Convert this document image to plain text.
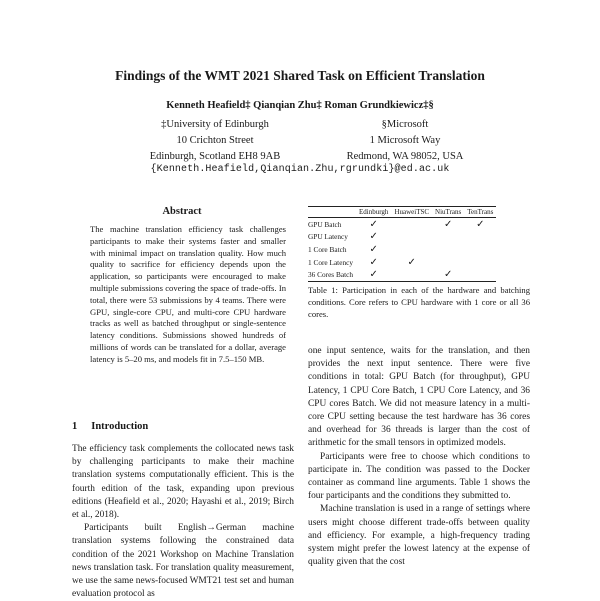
Findings of the WMT 2021 Shared Task on Efficient Translation
Kenneth Heafield‡ Qianqian Zhu‡ Roman Grundkiewicz‡§
‡University of Edinburgh
10 Crichton Street
Edinburgh, Scotland EH8 9AB
§Microsoft
1 Microsoft Way
Redmond, WA 98052, USA
{Kenneth.Heafield,Qianqian.Zhu,rgrundki}@ed.ac.uk
Abstract
The machine translation efficiency task challenges participants to make their systems faster and smaller with minimal impact on translation quality. How much quality to sacrifice for efficiency depends upon the application, so participants were encouraged to make multiple submissions covering the space of trade-offs. In total, there were 53 submissions by 4 teams. There were GPU, single-core CPU, and multi-core CPU hardware tracks as well as batched throughput or single-sentence latency conditions. Submissions showed hundreds of millions of words can be translated for a dollar, average latency is 5–20 ms, and models fit in 7.5–150 MB.
1 Introduction

The efficiency task complements the collocated news task by challenging participants to make their machine translation systems computationally efficient. This is the fourth edition of the task, expanding upon previous editions (Heafield et al., 2020; Hayashi et al., 2019; Birch et al., 2018).

Participants built English→German machine translation systems following the constrained data condition of the 2021 Workshop on Machine Translation news translation task. For translation quality measurement, we use the same news-focused WMT21 test set and human evaluation protocol as

	Edinburgh	HuaweiTSC	NiuTrans	TenTrans
GPU Batch	✓		✓	✓
GPU Latency	✓			
1 Core Batch	✓			
1 Core Latency	✓	✓		
36 Cores Batch	✓		✓	
Table 1: Participation in each of the hardware and batching conditions. Core refers to CPU hardware with 1 core or all 36 cores.

one input sentence, waits for the translation, and then provides the next input sentence. There were five conditions in total: GPU Batch (for throughput), GPU Latency, 1 CPU Core Batch, 1 CPU Core Latency, and 36 CPU cores Batch. We did not measure latency in a multi-core CPU setting because the test hardware has 36 cores and overhead for 36 threads is larger than the cost of arithmetic for the small tensors in optimized models.

Participants were free to choose which conditions to participate in. The condition was passed to the Docker container as command line arguments. Table 1 shows the four participants and the conditions they submitted to.

Machine translation is used in a range of settings where users might choose different trade-offs between quality and efficiency. For example, a high-frequency trading system might prefer the lowest latency at the expense of quality given that the cost
